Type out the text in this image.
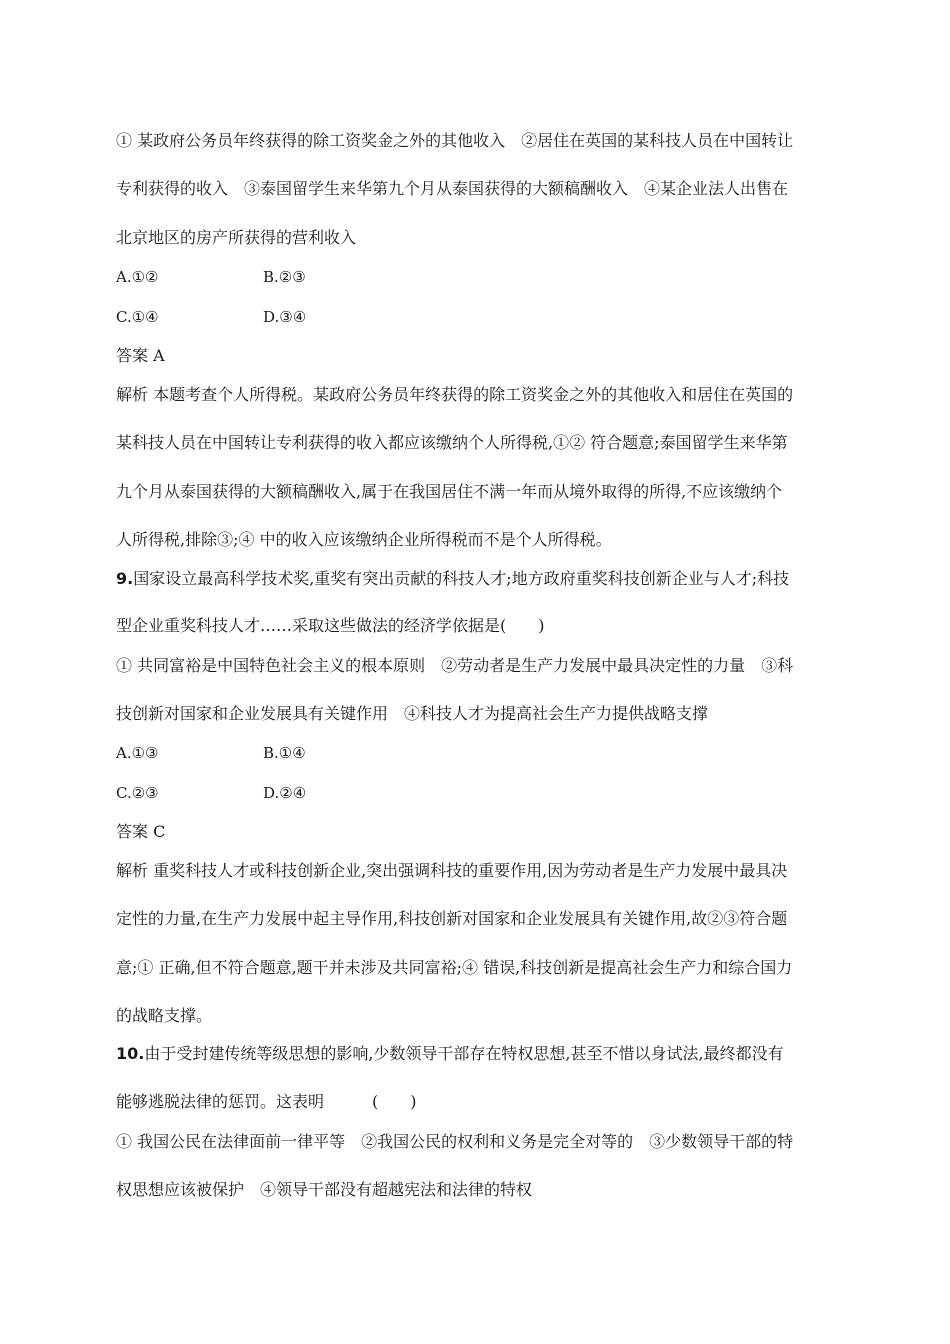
① 某政府公务员年终获得的除工资奖金之外的其他收入　②居住在英国的某科技人员在中国转让
专利获得的收入　③泰国留学生来华第九个月从泰国获得的大额稿酬收入　④某企业法人出售在
北京地区的房产所获得的营利收入
A.①②	B.②③
C.①④	D.③④
答案 A
解析 本题考查个人所得税。某政府公务员年终获得的除工资奖金之外的其他收入和居住在英国的
某科技人员在中国转让专利获得的收入都应该缴纳个人所得税,①② 符合题意;泰国留学生来华第
九个月从泰国获得的大额稿酬收入,属于在我国居住不满一年而从境外取得的所得,不应该缴纳个
人所得税,排除③;④ 中的收入应该缴纳企业所得税而不是个人所得税。
9.国家设立最高科学技术奖,重奖有突出贡献的科技人才;地方政府重奖科技创新企业与人才;科技
型企业重奖科技人才……采取这些做法的经济学依据是(　　)
① 共同富裕是中国特色社会主义的根本原则　②劳动者是生产力发展中最具决定性的力量　③科
技创新对国家和企业发展具有关键作用　④科技人才为提高社会生产力提供战略支撑
A.①③	B.①④
C.②③	D.②④
答案 C
解析 重奖科技人才或科技创新企业,突出强调科技的重要作用,因为劳动者是生产力发展中最具决
定性的力量,在生产力发展中起主导作用,科技创新对国家和企业发展具有关键作用,故②③符合题
意;① 正确,但不符合题意,题干并未涉及共同富裕;④ 错误,科技创新是提高社会生产力和综合国力
的战略支撑。
10.由于受封建传统等级思想的影响,少数领导干部存在特权思想,甚至不惜以身试法,最终都没有
能够逃脱法律的惩罚。这表明　　　(　　)
① 我国公民在法律面前一律平等　②我国公民的权利和义务是完全对等的　③少数领导干部的特
权思想应该被保护　④领导干部没有超越宪法和法律的特权
